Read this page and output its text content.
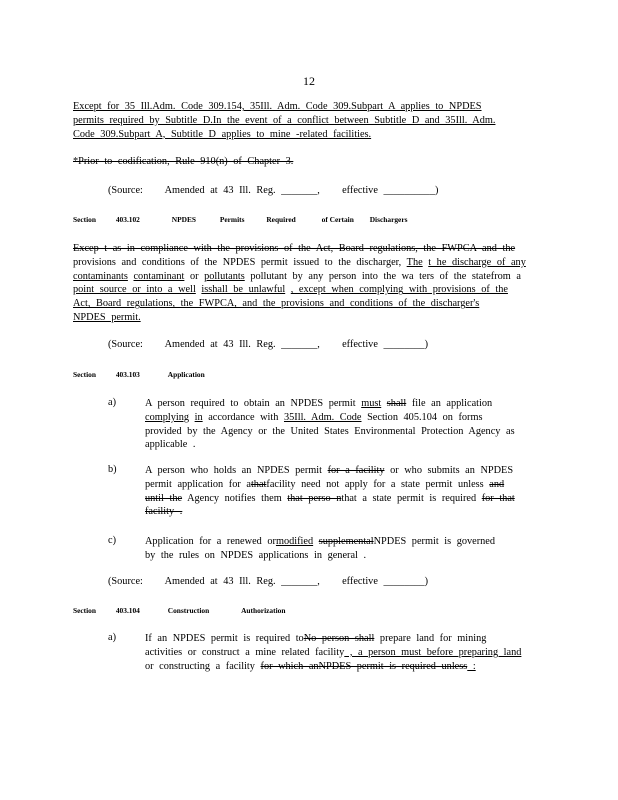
12
Except for 35 Ill.Adm. Code 309.154, 35Ill. Adm. Code 309.Subpart A applies to NPDES
permits required by Subtitle D.In the event of a conflict between Subtitle D and 35Ill. Adm.
Code 309.Subpart A, Subtitle D applies to mine -related facilities.
*Prior to codification, Rule 910(n) of Chapter 3.
(Source: Amended at 43 Ill. Reg. _______, effective __________)
Section	403.102	NPDES	Permits	Required	of Certain Dischargers
Excep t as in compliance with the provisions of the Act, Board regulations, the FWPCA and the
provisions and conditions of the NPDES permit issued to the discharger, The t he discharge of any
contaminants contaminant or pollutants pollutant by any person into the wa ters of the statefrom a
point source or into a well isshall be unlawful , except when complying with provisions of the
Act, Board regulations, the FWPCA, and the provisions and conditions of the discharger's
NPDES permit.
(Source: Amended at 43 Ill. Reg. _______, effective ________)
Section	403.103	Application
a)	A person required to obtain an NPDES permit must shall file an application
complying in accordance with 35Ill. Adm. Code Section 405.104 on forms
provided by the Agency or the United States Environmental Protection Agency as
applicable .
b)	A person who holds an NPDES permit for a facility or who submits an NPDES
permit application for athatfacility need not apply for a state permit unless and
until the Agency notifies them that perso nthat a state permit is required for that
facility .
c)	Application for a renewed ormodified supplementalNPDES permit is governed
by the rules on NPDES applications in general .
(Source: Amended at 43 Ill. Reg. _______, effective ________)
Section	403.104	Construction	Authorization
a)	If an NPDES permit is required toNo person shall prepare land for mining
activities or construct a mine related facility , a person must before preparing land
or constructing a facility for which anNPDES permit is required unless :
